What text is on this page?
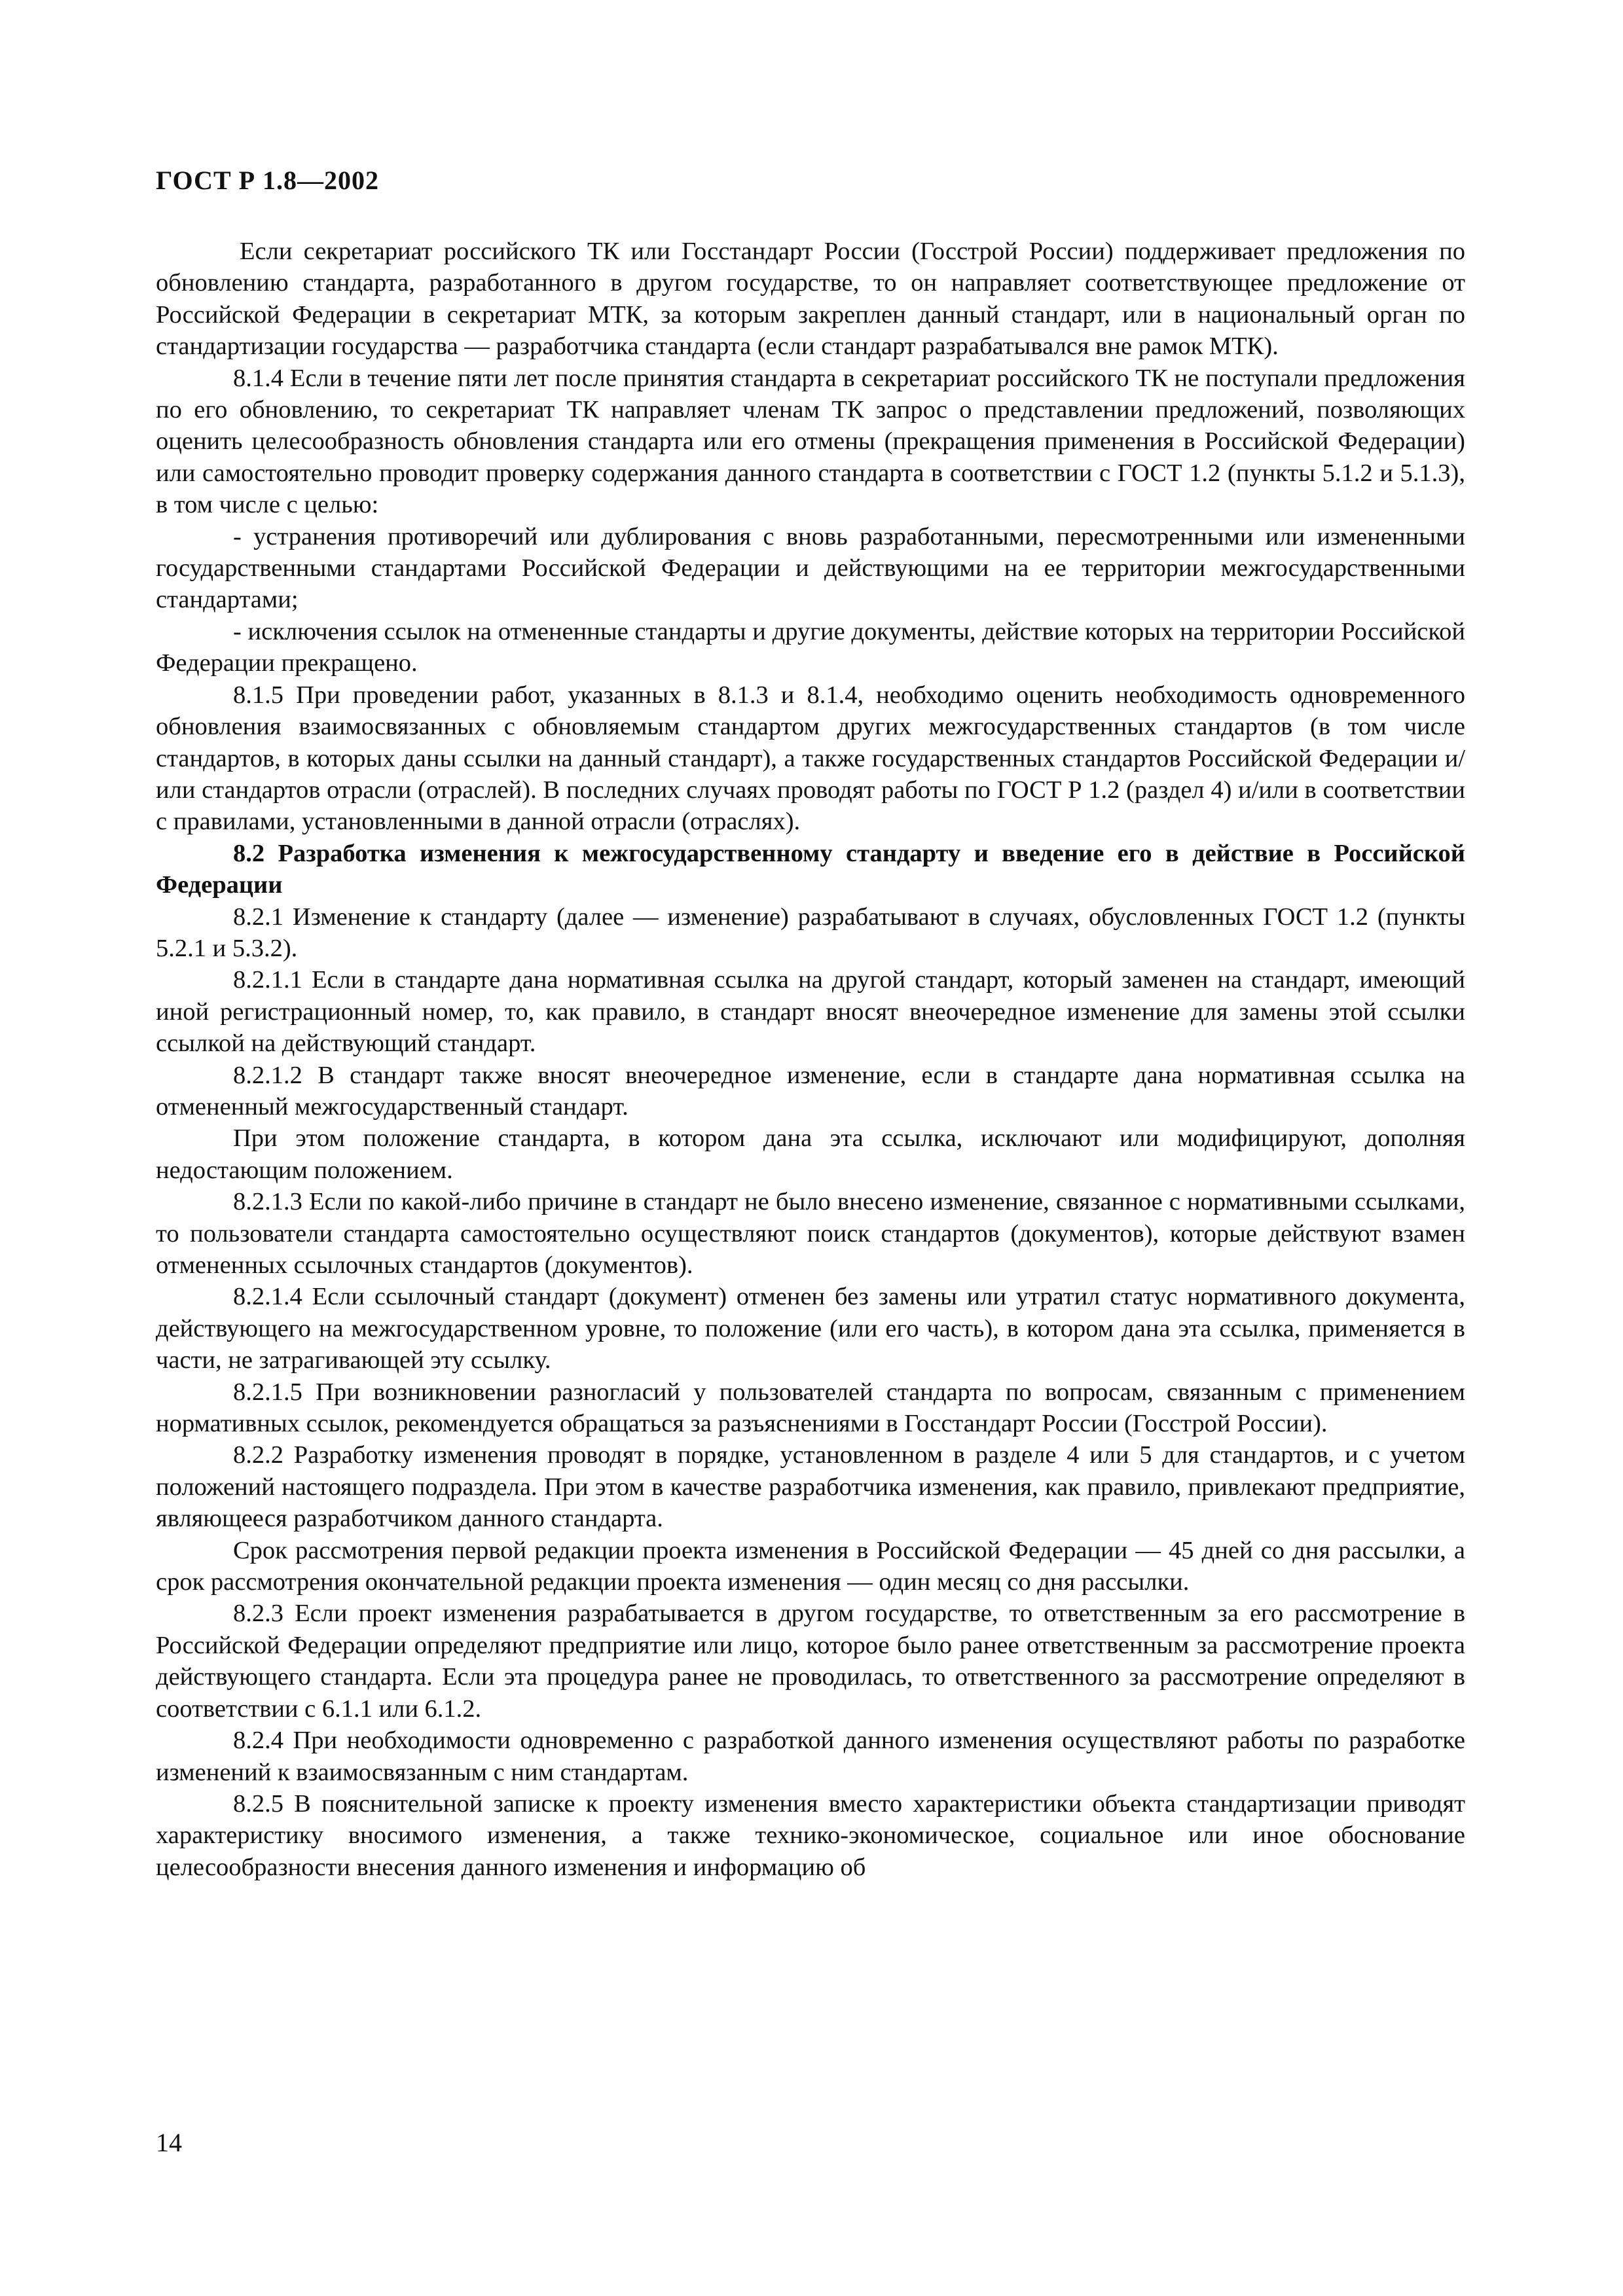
ГОСТ Р 1.8—2002

Если секретариат российского ТК или Госстандарт России (Госстрой России) поддерживает предложения по обновлению стандарта, разработанного в другом государстве, то он направляет соответствующее предложение от Российской Федерации в секретариат МТК, за которым закреплен данный стандарт, или в национальный орган по стандартизации государства — разработчика стандарта (если стандарт разрабатывался вне рамок МТК).

8.1.4 Если в течение пяти лет после принятия стандарта в секретариат российского ТК не поступали предложения по его обновлению, то секретариат ТК направляет членам ТК запрос о представлении предложений, позволяющих оценить целесообразность обновления стандарта или его отмены (прекращения применения в Российской Федерации) или самостоятельно проводит проверку содержания данного стандарта в соответствии с ГОСТ 1.2 (пункты 5.1.2 и 5.1.3), в том числе с целью:

- устранения противоречий или дублирования с вновь разработанными, пересмотренными или измененными государственными стандартами Российской Федерации и действующими на ее территории межгосударственными стандартами;

- исключения ссылок на отмененные стандарты и другие документы, действие которых на территории Российской Федерации прекращено.

8.1.5 При проведении работ, указанных в 8.1.3 и 8.1.4, необходимо оценить необходимость одновременного обновления взаимосвязанных с обновляемым стандартом других межгосударственных стандартов (в том числе стандартов, в которых даны ссылки на данный стандарт), а также государственных стандартов Российской Федерации и/или стандартов отрасли (отраслей). В последних случаях проводят работы по ГОСТ Р 1.2 (раздел 4) и/или в соответствии с правилами, установленными в данной отрасли (отраслях).

8.2 Разработка изменения к межгосударственному стандарту и введение его в действие в Российской Федерации

8.2.1 Изменение к стандарту (далее — изменение) разрабатывают в случаях, обусловленных ГОСТ 1.2 (пункты 5.2.1 и 5.3.2).

8.2.1.1 Если в стандарте дана нормативная ссылка на другой стандарт, который заменен на стандарт, имеющий иной регистрационный номер, то, как правило, в стандарт вносят внеочередное изменение для замены этой ссылки ссылкой на действующий стандарт.

8.2.1.2 В стандарт также вносят внеочередное изменение, если в стандарте дана нормативная ссылка на отмененный межгосударственный стандарт.

При этом положение стандарта, в котором дана эта ссылка, исключают или модифицируют, дополняя недостающим положением.

8.2.1.3 Если по какой-либо причине в стандарт не было внесено изменение, связанное с нормативными ссылками, то пользователи стандарта самостоятельно осуществляют поиск стандартов (документов), которые действуют взамен отмененных ссылочных стандартов (документов).

8.2.1.4 Если ссылочный стандарт (документ) отменен без замены или утратил статус нормативного документа, действующего на межгосударственном уровне, то положение (или его часть), в котором дана эта ссылка, применяется в части, не затрагивающей эту ссылку.

8.2.1.5 При возникновении разногласий у пользователей стандарта по вопросам, связанным с применением нормативных ссылок, рекомендуется обращаться за разъяснениями в Госстандарт России (Госстрой России).

8.2.2 Разработку изменения проводят в порядке, установленном в разделе 4 или 5 для стандартов, и с учетом положений настоящего подраздела. При этом в качестве разработчика изменения, как правило, привлекают предприятие, являющееся разработчиком данного стандарта.

Срок рассмотрения первой редакции проекта изменения в Российской Федерации — 45 дней со дня рассылки, а срок рассмотрения окончательной редакции проекта изменения — один месяц со дня рассылки.

8.2.3 Если проект изменения разрабатывается в другом государстве, то ответственным за его рассмотрение в Российской Федерации определяют предприятие или лицо, которое было ранее ответственным за рассмотрение проекта действующего стандарта. Если эта процедура ранее не проводилась, то ответственного за рассмотрение определяют в соответствии с 6.1.1 или 6.1.2.

8.2.4 При необходимости одновременно с разработкой данного изменения осуществляют работы по разработке изменений к взаимосвязанным с ним стандартам.

8.2.5 В пояснительной записке к проекту изменения вместо характеристики объекта стандартизации приводят характеристику вносимого изменения, а также технико-экономическое, социальное или иное обоснование целесообразности внесения данного изменения и информацию об

14
